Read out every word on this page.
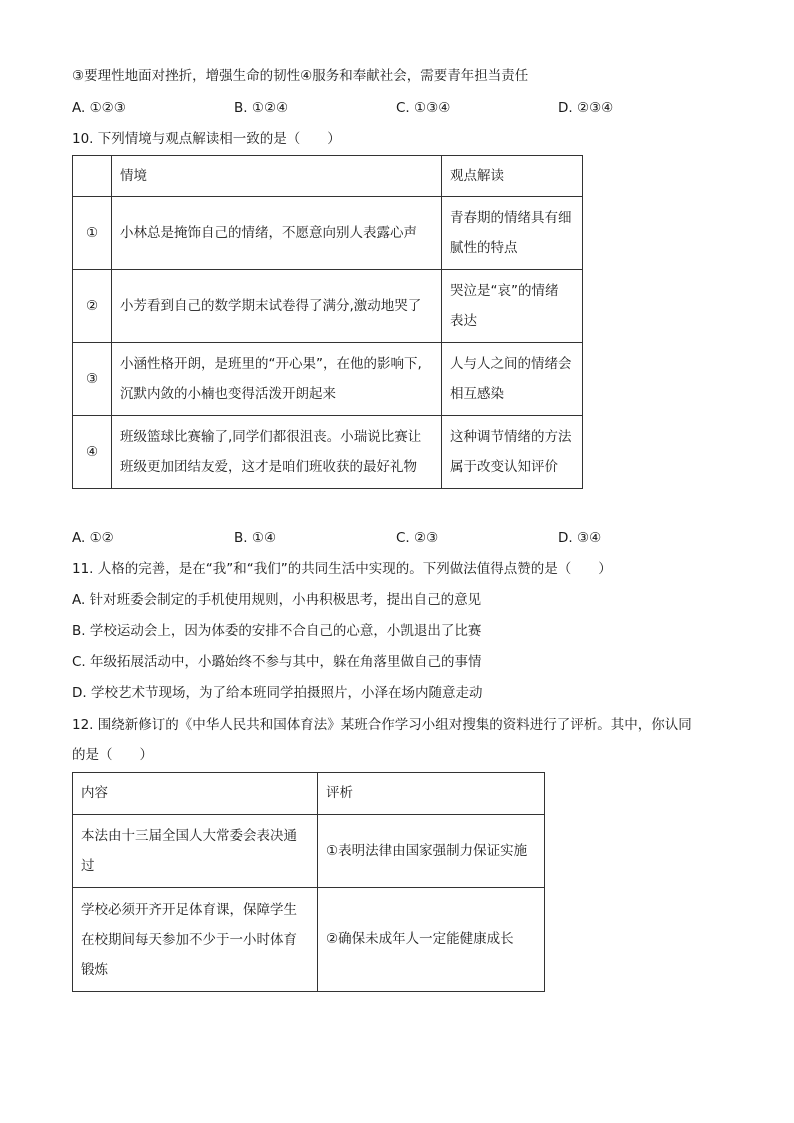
③要理性地面对挫折，增强生命的韧性④服务和奉献社会，需要青年担当责任
A. ①②③	B. ①②④	C. ①③④	D. ②③④
10. 下列情境与观点解读相一致的是（　　）
	情境	观点解读
①	小林总是掩饰自己的情绪，不愿意向别人表露心声	青春期的情绪具有细
腻性的特点
②	小芳看到自己的数学期末试卷得了满分,激动地哭了	哭泣是“哀”的情绪
表达
③	小涵性格开朗，是班里的“开心果”，在他的影响下,
沉默内敛的小楠也变得活泼开朗起来	人与人之间的情绪会
相互感染
④	班级篮球比赛输了,同学们都很沮丧。小瑞说比赛让
班级更加团结友爱，这才是咱们班收获的最好礼物	这种调节情绪的方法
属于改变认知评价
A. ①②	B. ①④	C. ②③	D. ③④
11. 人格的完善，是在“我”和“我们”的共同生活中实现的。下列做法值得点赞的是（　　）
A. 针对班委会制定的手机使用规则，小冉积极思考，提出自己的意见
B. 学校运动会上，因为体委的安排不合自己的心意，小凯退出了比赛
C. 年级拓展活动中，小璐始终不参与其中，躲在角落里做自己的事情
D. 学校艺术节现场，为了给本班同学拍摄照片，小泽在场内随意走动
12. 围绕新修订的《中华人民共和国体育法》某班合作学习小组对搜集的资料进行了评析。其中，你认同
的是（　　）
内容	评析
本法由十三届全国人大常委会表决通
过	①表明法律由国家强制力保证实施
学校必须开齐开足体育课，保障学生
在校期间每天参加不少于一小时体育
锻炼	②确保未成年人一定能健康成长
